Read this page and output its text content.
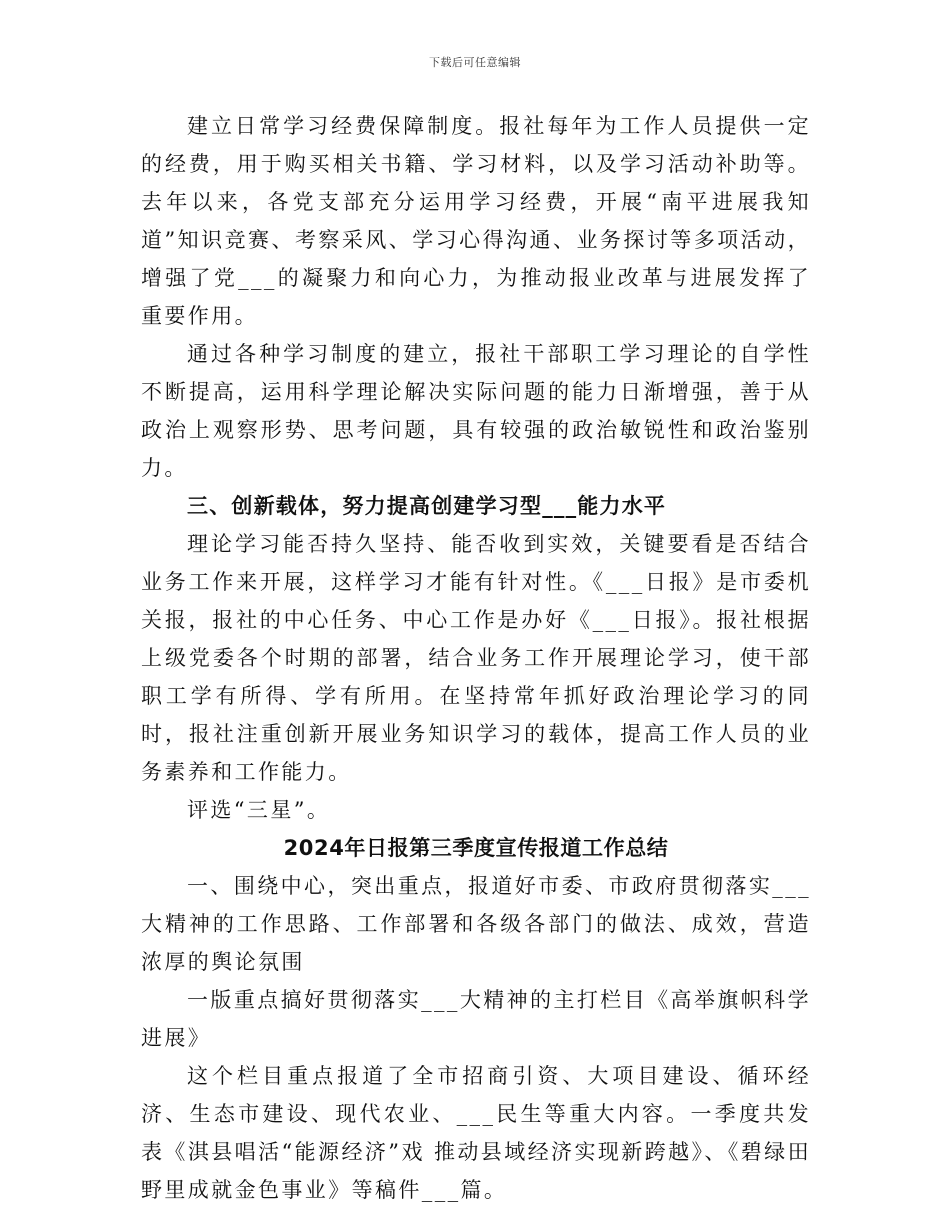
下载后可任意编辑

建立日常学习经费保障制度。报社每年为工作人员提供一定的经费，用于购买相关书籍、学习材料，以及学习活动补助等。去年以来，各党支部充分运用学习经费，开展“南平进展我知道”知识竞赛、考察采风、学习心得沟通、业务探讨等多项活动，增强了党___的凝聚力和向心力，为推动报业改革与进展发挥了重要作用。

通过各种学习制度的建立，报社干部职工学习理论的自学性不断提高，运用科学理论解决实际问题的能力日渐增强，善于从政治上观察形势、思考问题，具有较强的政治敏锐性和政治鉴别力。

三、创新载体，努力提高创建学习型___能力水平

理论学习能否持久坚持、能否收到实效，关键要看是否结合业务工作来开展，这样学习才能有针对性。《___日报》是市委机关报，报社的中心任务、中心工作是办好《___日报》。报社根据上级党委各个时期的部署，结合业务工作开展理论学习，使干部职工学有所得、学有所用。在坚持常年抓好政治理论学习的同时，报社注重创新开展业务知识学习的载体，提高工作人员的业务素养和工作能力。

评选“三星”。

2024年日报第三季度宣传报道工作总结

一、围绕中心，突出重点，报道好市委、市政府贯彻落实___大精神的工作思路、工作部署和各级各部门的做法、成效，营造浓厚的舆论氛围

一版重点搞好贯彻落实___大精神的主打栏目《高举旗帜科学进展》

这个栏目重点报道了全市招商引资、大项目建设、循环经济、生态市建设、现代农业、___民生等重大内容。一季度共发表《淇县唱活“能源经济”戏 推动县域经济实现新跨越》、《碧绿田野里成就金色事业》等稿件___篇。
